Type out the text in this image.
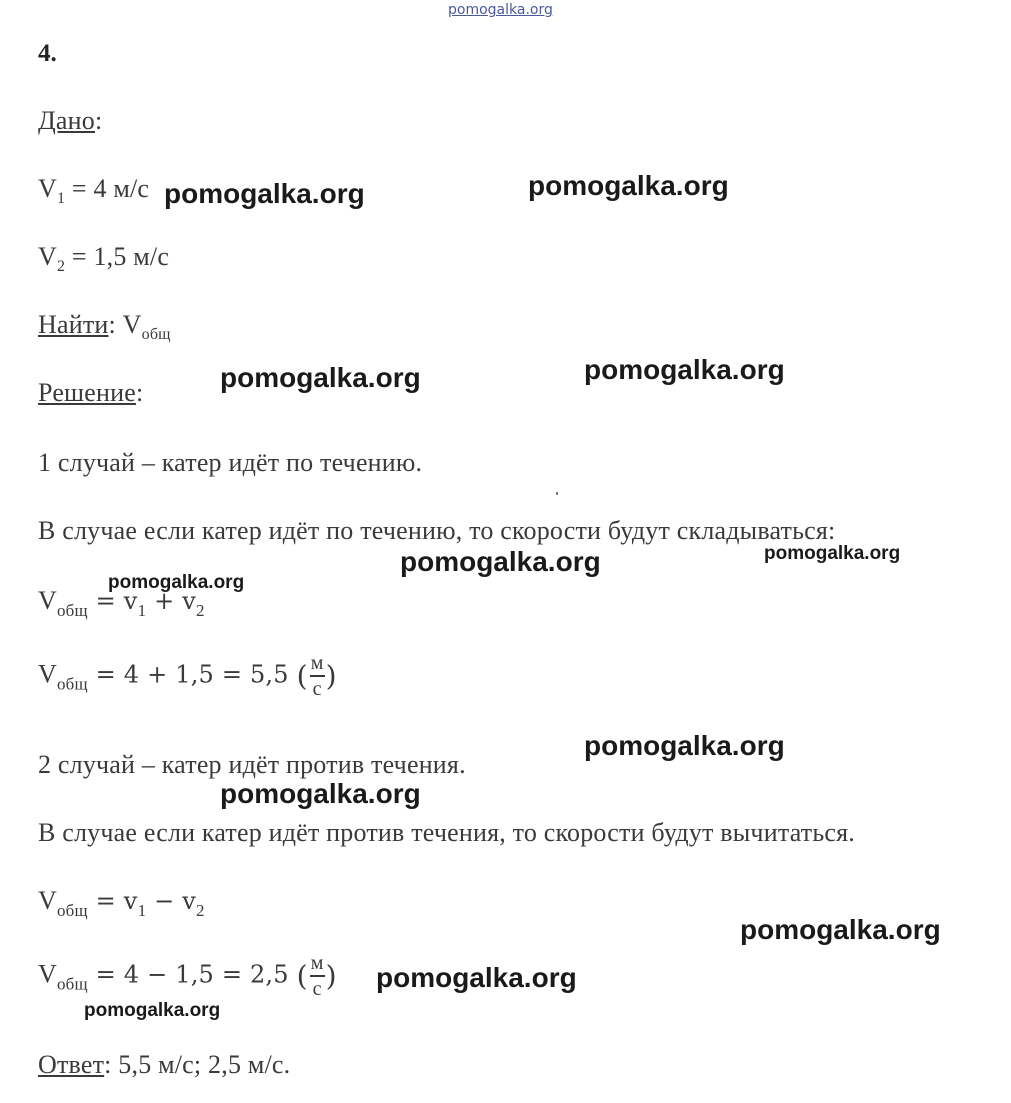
pomogalka.org
4.
Дано:
$V_1 = 4$ м/с
$V_2 = 1,5$ м/с
Найти: $V_{общ}$
Решение:
1 случай – катер идёт по течению.
В случае если катер идёт по течению, то скорости будут складываться:
$V_{общ} = v_1 + v_2$
$V_{общ} = 4 + 1,5 = 5,5$ ( $\frac{м}{с}$ )
2 случай – катер идёт против течения.
В случае если катер идёт против течения, то скорости будут вычитаться.
$V_{общ} = v_1 - v_2$
$V_{общ} = 4 - 1,5 = 2,5$ ( $\frac{м}{с}$ )
Ответ: 5,5 м/с; 2,5 м/с.
pomogalka.org	pomogalka.org
pomogalka.org	pomogalka.org
pomogalka.org	pomogalka.org
pomogalka.org
pomogalka.org
pomogalka.org
pomogalka.org
pomogalka.org
pomogalka.org
